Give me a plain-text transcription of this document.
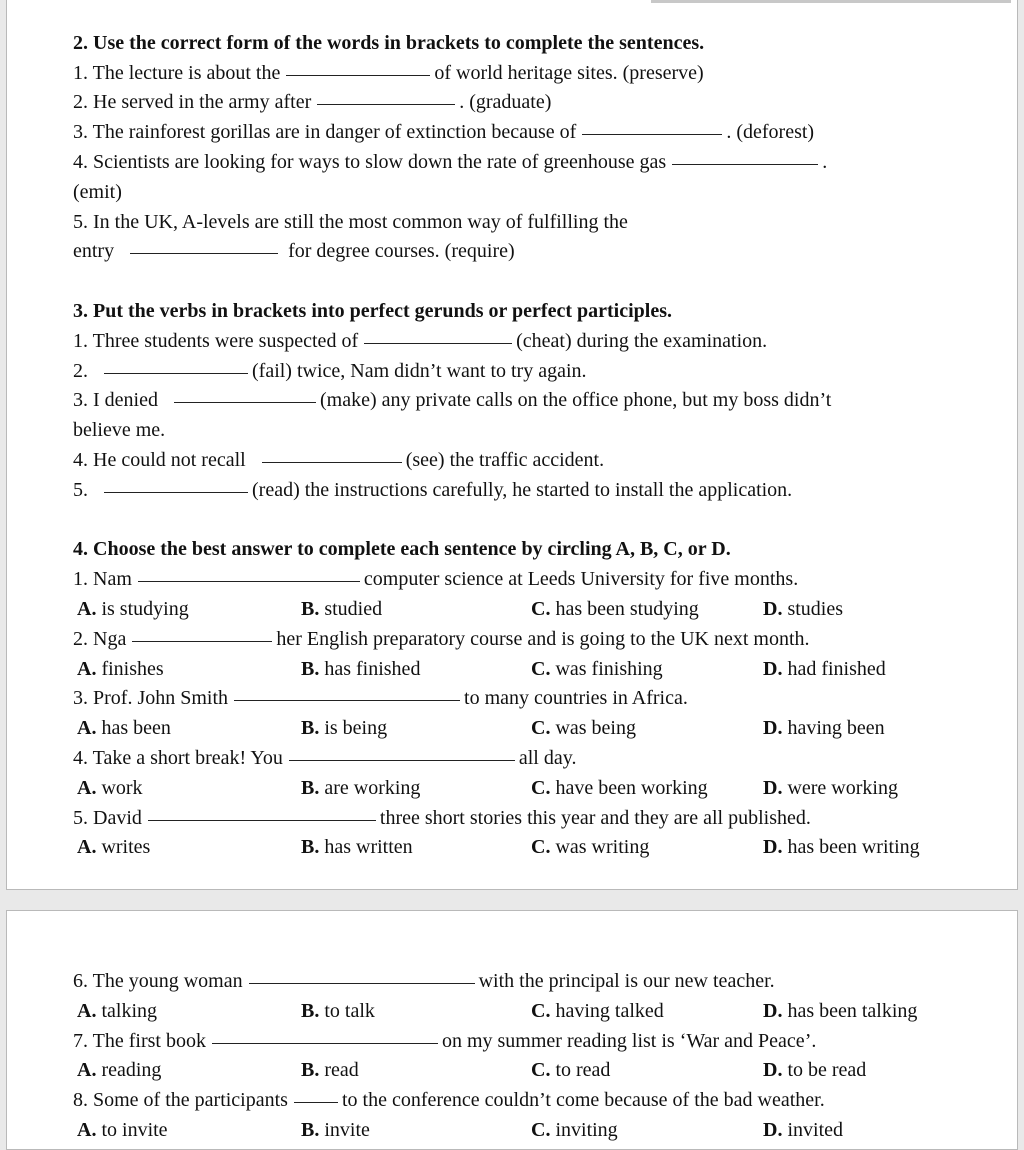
2. Use the correct form of the words in brackets to complete the sentences.
1. The lecture is about the	of world heritage sites. (preserve)
2. He served in the army after	. (graduate)
3. The rainforest gorillas are in danger of extinction because of	. (deforest)
4. Scientists are looking for ways to slow down the rate of greenhouse gas	.
(emit)
5. In the UK, A-levels are still the most common way of fulfilling the
entry	for degree courses. (require)
3. Put the verbs in brackets into perfect gerunds or perfect participles.
1. Three students were suspected of	(cheat) during the examination.
2.	(fail) twice, Nam didn’t want to try again.
3. I denied	(make) any private calls on the office phone, but my boss didn’t
believe me.
4. He could not recall	(see) the traffic accident.
5.	(read) the instructions carefully, he started to install the application.
4. Choose the best answer to complete each sentence by circling A, B, C, or D.
1. Nam	computer science at Leeds University for five months.
A. is studying	B. studied	C. has been studying	D. studies
2. Nga	her English preparatory course and is going to the UK next month.
A. finishes	B. has finished	C. was finishing	D. had finished
3. Prof. John Smith	to many countries in Africa.
A. has been	B. is being	C. was being	D. having been
4. Take a short break! You	all day.
A. work	B. are working	C. have been working	D. were working
5. David	three short stories this year and they are all published.
A. writes	B. has written	C. was writing	D. has been writing
6. The young woman	with the principal is our new teacher.
A. talking	B. to talk	C. having talked	D. has been talking
7. The first book	on my summer reading list is ‘War and Peace’.
A. reading	B. read	C. to read	D. to be read
8. Some of the participants	to the conference couldn’t come because of the bad weather.
A. to invite	B. invite	C. inviting	D. invited
